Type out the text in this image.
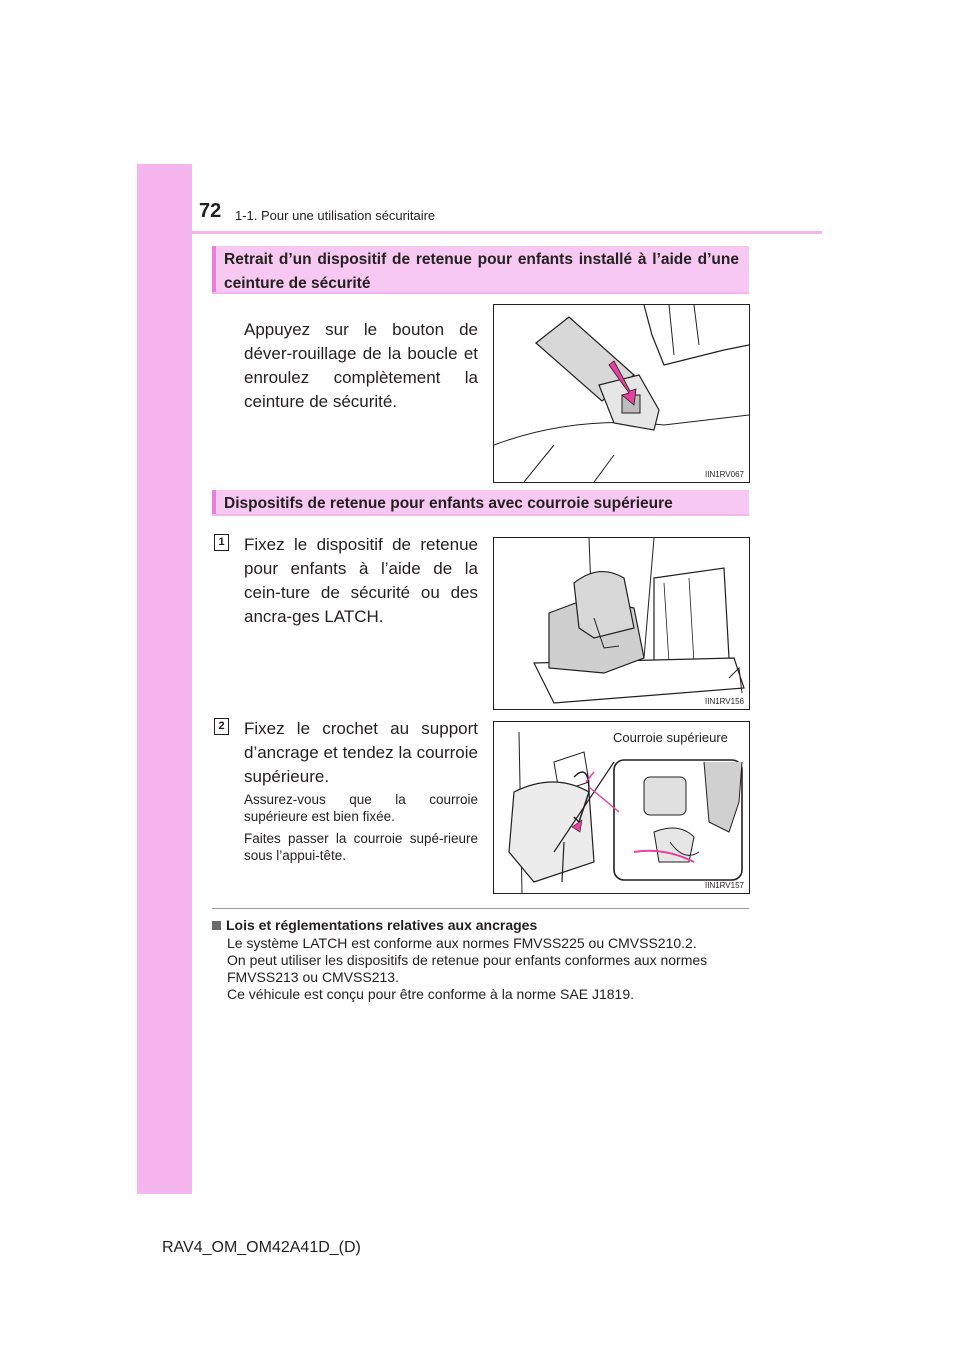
72 1-1. Pour une utilisation sécuritaire
Retrait d’un dispositif de retenue pour enfants installé à l’aide d’une ceinture de sécurité
Appuyez sur le bouton de déver-rouillage de la boucle et enroulez complètement la ceinture de sécurité.
IIN1RV067
Dispositifs de retenue pour enfants avec courroie supérieure
1 Fixez le dispositif de retenue pour enfants à l’aide de la cein-ture de sécurité ou des ancra-ges LATCH.
IIN1RV156
2 Fixez le crochet au support d’ancrage et tendez la courroie supérieure.
Assurez-vous que la courroie supérieure est bien fixée.
Faites passer la courroie supé-rieure sous l’appui-tête.
Courroie supérieure
IIN1RV157
Lois et réglementations relatives aux ancrages
Le système LATCH est conforme aux normes FMVSS225 ou CMVSS210.2.
On peut utiliser les dispositifs de retenue pour enfants conformes aux normes FMVSS213 ou CMVSS213.
Ce véhicule est conçu pour être conforme à la norme SAE J1819.
RAV4_OM_OM42A41D_(D)
